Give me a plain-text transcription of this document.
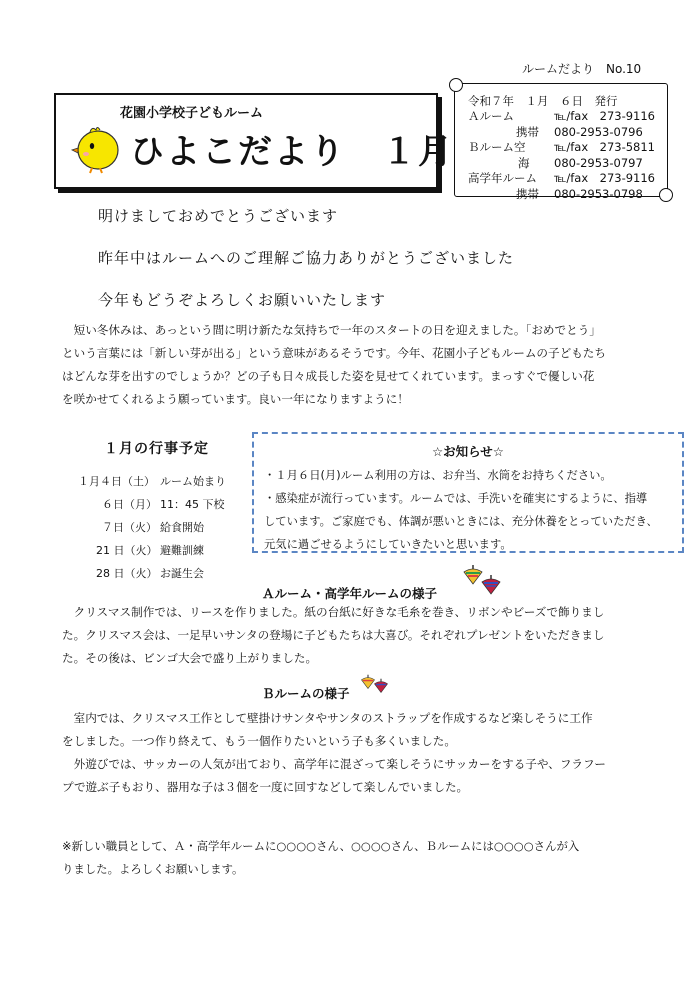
ルームだより　No.10
花園小学校子どもルーム
ひよこだより　１月
令和７年　１月　６日　発行
Ａルーム	℡/fax　273-9116
携帯 080-2953-0796
Ｂルーム空 ℡/fax　273-5811
海 080-2953-0797
高学年ルーム ℡/fax　273-9116
携帯 080-2953-0798
明けましておめでとうございます
昨年中はルームへのご理解ご協力ありがとうございました
今年もどうぞよろしくお願いいたします

　短い冬休みは、あっという間に明け新たな気持ちで一年のスタートの日を迎えました。「おめでとう」

という言葉には「新しい芽が出る」という意味があるそうです。今年、花園小子どもルームの子どもたち

はどんな芽を出すのでしょうか？どの子も日々成長した姿を見せてくれています。まっすぐで優しい花

を咲かせてくれるよう願っています。良い一年になりますように！

１月の行事予定
１月４日（土） ルーム始まり
６日（月） 11：45 下校
７日（火） 給食開始
21 日（火） 避難訓練
28 日（火） お誕生会
☆お知らせ☆

・１月６日(月)ルーム利用の方は、お弁当、水筒をお持ちください。

・感染症が流行っています。ルームでは、手洗いを確実にするように、指導

しています。ご家庭でも、体調が悪いときには、充分休養をとっていただき、

元気に過ごせるようにしていきたいと思います。

Ａルーム・高学年ルームの様子

　クリスマス制作では、リースを作りました。紙の台紙に好きな毛糸を巻き、リボンやビーズで飾りまし

た。クリスマス会は、一足早いサンタの登場に子どもたちは大喜び。それぞれプレゼントをいただきまし

た。その後は、ビンゴ大会で盛り上がりました。

Ｂルームの様子

　室内では、クリスマス工作として壁掛けサンタやサンタのストラップを作成するなど楽しそうに工作

をしました。一つ作り終えて、もう一個作りたいという子も多くいました。

　外遊びでは、サッカーの人気が出ており、高学年に混ざって楽しそうにサッカーをする子や、フラフー

プで遊ぶ子もおり、器用な子は３個を一度に回すなどして楽しんでいました。

※新しい職員として、Ａ・高学年ルームに○○○○さん、○○○○さん、Ｂルームには○○○○さんが入
りました。よろしくお願いします。
